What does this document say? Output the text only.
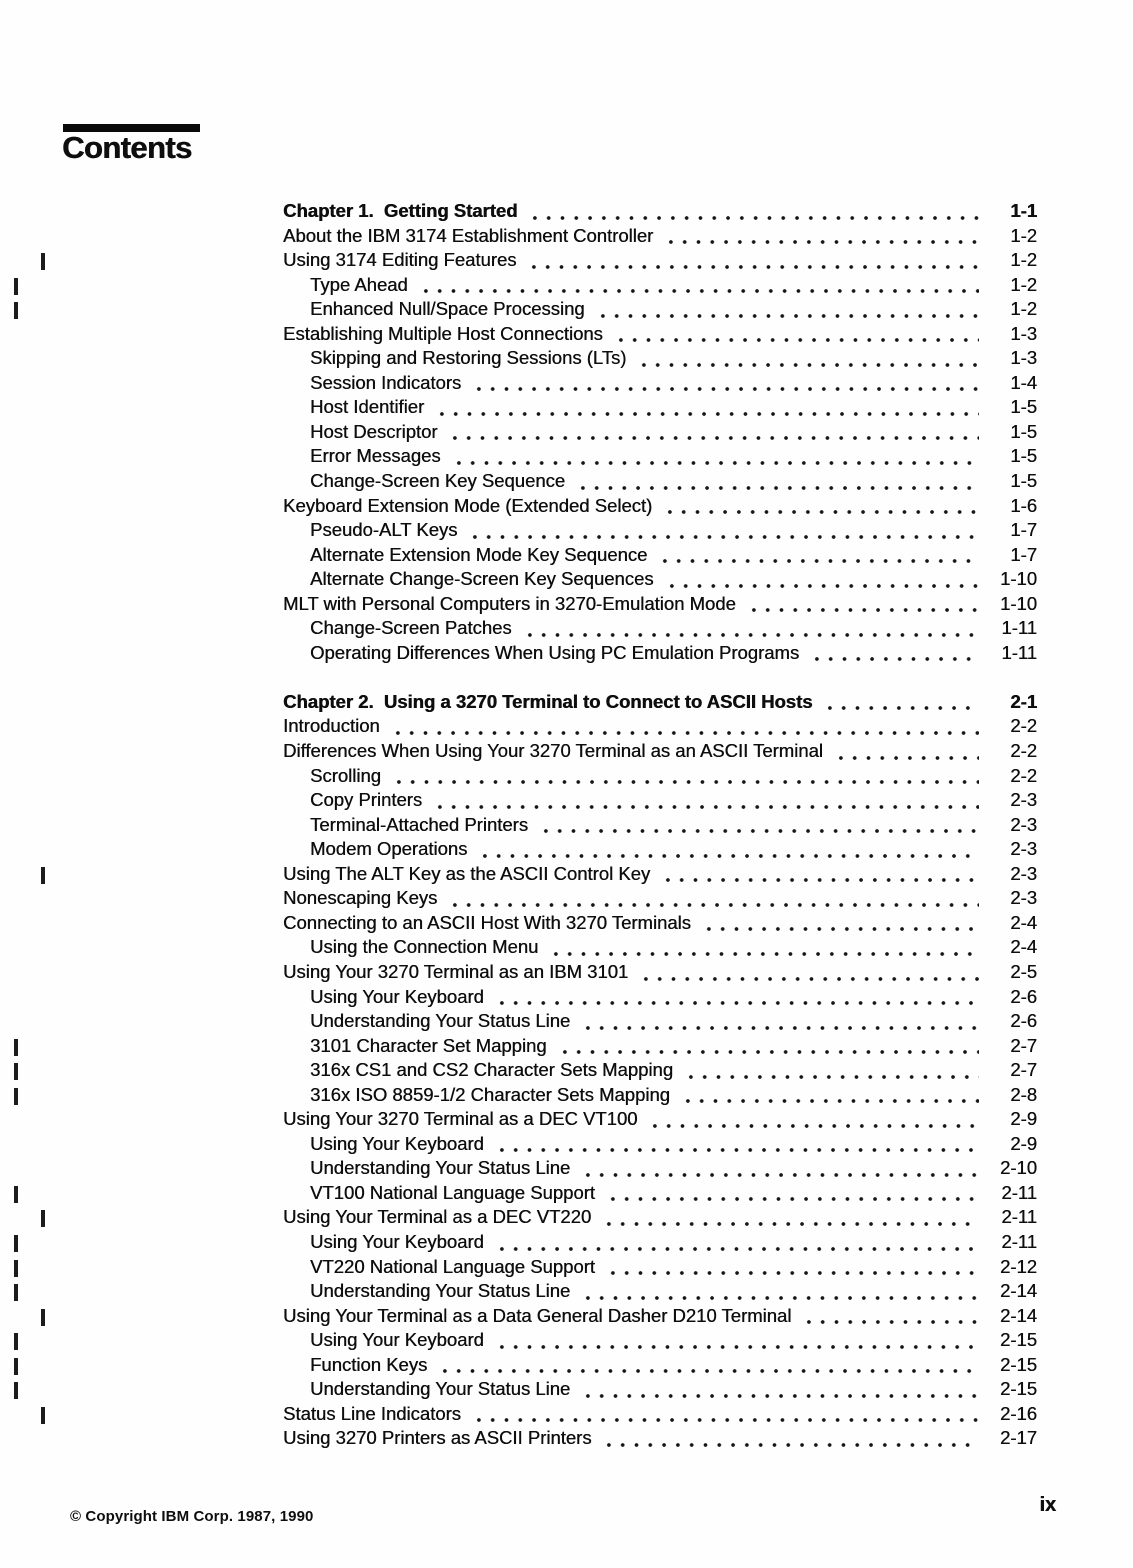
Contents
Chapter 1.  Getting Started	1-1
About the IBM 3174 Establishment Controller	1-2
Using 3174 Editing Features	1-2
Type Ahead	1-2
Enhanced Null/Space Processing	1-2
Establishing Multiple Host Connections	1-3
Skipping and Restoring Sessions (LTs)	1-3
Session Indicators	1-4
Host Identifier	1-5
Host Descriptor	1-5
Error Messages	1-5
Change-Screen Key Sequence	1-5
Keyboard Extension Mode (Extended Select)	1-6
Pseudo-ALT Keys	1-7
Alternate Extension Mode Key Sequence	1-7
Alternate Change-Screen Key Sequences	1-10
MLT with Personal Computers in 3270-Emulation Mode	1-10
Change-Screen Patches	1-11
Operating Differences When Using PC Emulation Programs	1-11
Chapter 2.  Using a 3270 Terminal to Connect to ASCII Hosts	2-1
Introduction	2-2
Differences When Using Your 3270 Terminal as an ASCII Terminal	2-2
Scrolling	2-2
Copy Printers	2-3
Terminal-Attached Printers	2-3
Modem Operations	2-3
Using The ALT Key as the ASCII Control Key	2-3
Nonescaping Keys	2-3
Connecting to an ASCII Host With 3270 Terminals	2-4
Using the Connection Menu	2-4
Using Your 3270 Terminal as an IBM 3101	2-5
Using Your Keyboard	2-6
Understanding Your Status Line	2-6
3101 Character Set Mapping	2-7
316x CS1 and CS2 Character Sets Mapping	2-7
316x ISO 8859-1/2 Character Sets Mapping	2-8
Using Your 3270 Terminal as a DEC VT100	2-9
Using Your Keyboard	2-9
Understanding Your Status Line	2-10
VT100 National Language Support	2-11
Using Your Terminal as a DEC VT220	2-11
Using Your Keyboard	2-11
VT220 National Language Support	2-12
Understanding Your Status Line	2-14
Using Your Terminal as a Data General Dasher D210 Terminal	2-14
Using Your Keyboard	2-15
Function Keys	2-15
Understanding Your Status Line	2-15
Status Line Indicators	2-16
Using 3270 Printers as ASCII Printers	2-17
© Copyright IBM Corp. 1987, 1990
ix
